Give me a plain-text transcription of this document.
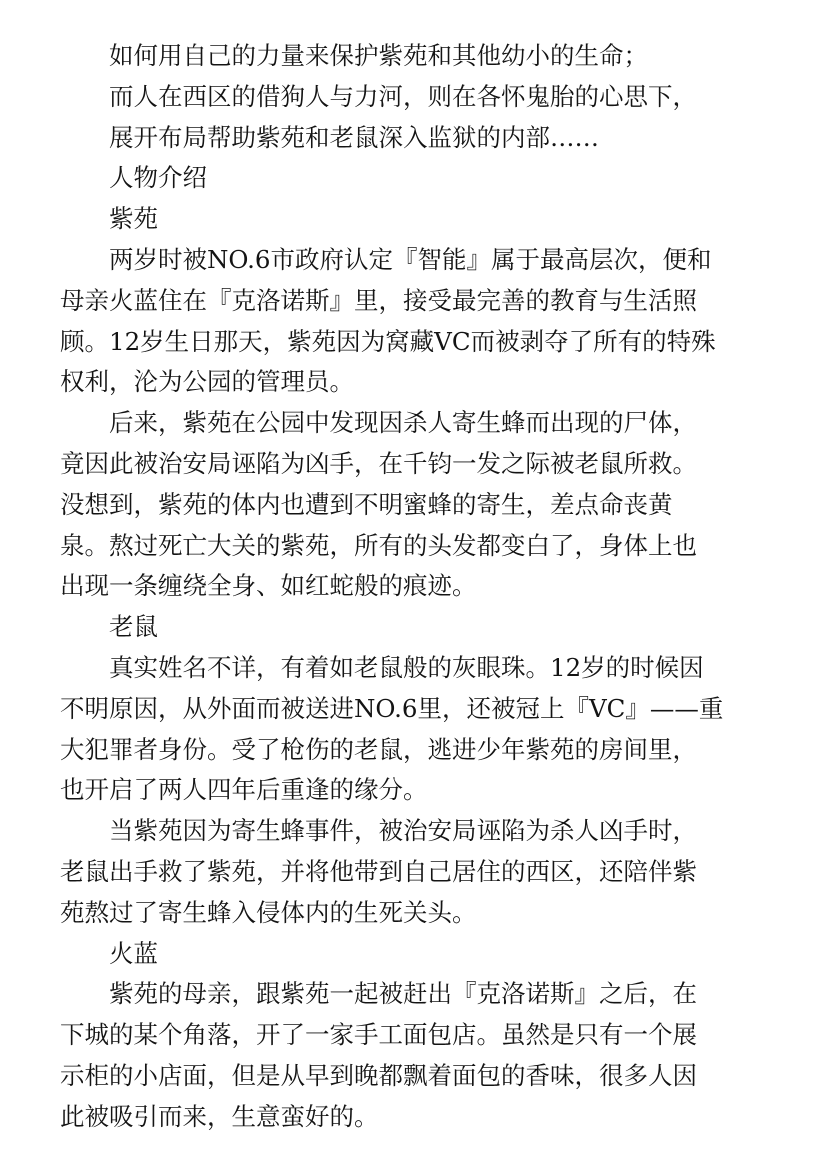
如何用自己的力量来保护紫苑和其他幼小的生命；
而人在西区的借狗人与力河，则在各怀鬼胎的心思下，
展开布局帮助紫苑和老鼠深入监狱的内部……
人物介绍
紫苑
两岁时被NO.6市政府认定『智能』属于最高层次，便和
母亲火蓝住在『克洛诺斯』里，接受最完善的教育与生活照
顾。12岁生日那天，紫苑因为窝藏VC而被剥夺了所有的特殊
权利，沦为公园的管理员。
后来，紫苑在公园中发现因杀人寄生蜂而出现的尸体，
竟因此被治安局诬陷为凶手，在千钧一发之际被老鼠所救。
没想到，紫苑的体内也遭到不明蜜蜂的寄生，差点命丧黄
泉。熬过死亡大关的紫苑，所有的头发都变白了，身体上也
出现一条缠绕全身、如红蛇般的痕迹。
老鼠
真实姓名不详，有着如老鼠般的灰眼珠。12岁的时候因
不明原因，从外面而被送进NO.6里，还被冠上『VC』——重
大犯罪者身份。受了枪伤的老鼠，逃进少年紫苑的房间里，
也开启了两人四年后重逢的缘分。
当紫苑因为寄生蜂事件，被治安局诬陷为杀人凶手时，
老鼠出手救了紫苑，并将他带到自己居住的西区，还陪伴紫
苑熬过了寄生蜂入侵体内的生死关头。
火蓝
紫苑的母亲，跟紫苑一起被赶出『克洛诺斯』之后，在
下城的某个角落，开了一家手工面包店。虽然是只有一个展
示柜的小店面，但是从早到晚都飘着面包的香味，很多人因
此被吸引而来，生意蛮好的。
